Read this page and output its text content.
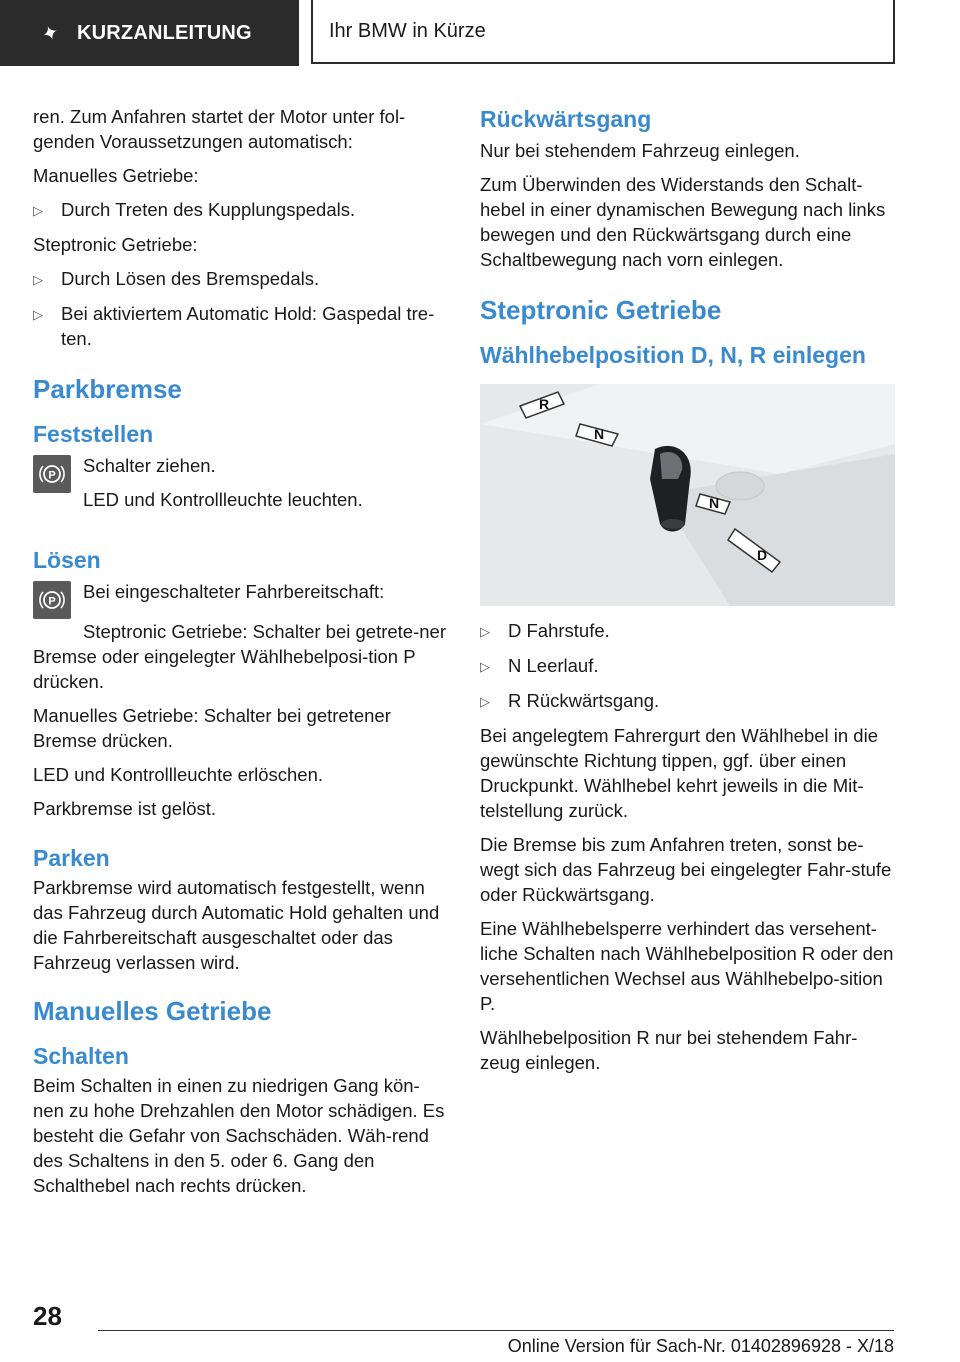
✦ KURZANLEITUNG	Ihr BMW in Kürze

ren. Zum Anfahren startet der Motor unter fol-genden Voraussetzungen automatisch:

Manuelles Getriebe:

▷ Durch Treten des Kupplungspedals.

Steptronic Getriebe:

▷ Durch Lösen des Bremspedals.
▷ Bei aktiviertem Automatic Hold: Gaspedal tre-ten.
Parkbremse
Feststellen
P Schalter ziehen.

LED und Kontrollleuchte leuchten.

Lösen
P Bei eingeschalteter Fahrbereitschaft:

Steptronic Getriebe: Schalter bei getrete-ner Bremse oder eingelegter Wählhebelposi-tion P drücken.

Manuelles Getriebe: Schalter bei getretener Bremse drücken.

LED und Kontrollleuchte erlöschen.

Parkbremse ist gelöst.

Parken

Parkbremse wird automatisch festgestellt, wenn das Fahrzeug durch Automatic Hold gehalten und die Fahrbereitschaft ausgeschaltet oder das Fahrzeug verlassen wird.

Manuelles Getriebe
Schalten

Beim Schalten in einen zu niedrigen Gang kön-nen zu hohe Drehzahlen den Motor schädigen. Es besteht die Gefahr von Sachschäden. Wäh-rend des Schaltens in den 5. oder 6. Gang den Schalthebel nach rechts drücken.

Rückwärtsgang

Nur bei stehendem Fahrzeug einlegen.

Zum Überwinden des Widerstands den Schalt-hebel in einer dynamischen Bewegung nach links bewegen und den Rückwärtsgang durch eine Schaltbewegung nach vorn einlegen.

Steptronic Getriebe
Wählhebelposition D, N, R einlegen
R
N
N
D
▷ D Fahrstufe.
▷ N Leerlauf.
▷ R Rückwärtsgang.

Bei angelegtem Fahrergurt den Wählhebel in die gewünschte Richtung tippen, ggf. über einen Druckpunkt. Wählhebel kehrt jeweils in die Mit-telstellung zurück.

Die Bremse bis zum Anfahren treten, sonst be-wegt sich das Fahrzeug bei eingelegter Fahr-stufe oder Rückwärtsgang.

Eine Wählhebelsperre verhindert das versehent-liche Schalten nach Wählhebelposition R oder den versehentlichen Wechsel aus Wählhebelpo-sition P.

Wählhebelposition R nur bei stehendem Fahr-zeug einlegen.

28
Online Version für Sach-Nr. 01402896928 - X/18
